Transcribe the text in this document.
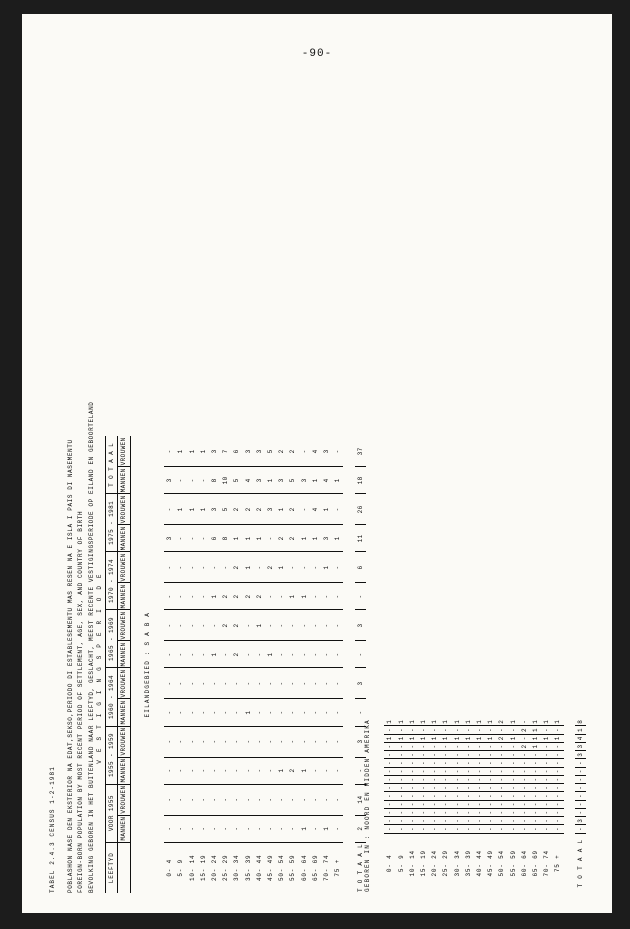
-90-
TABEL 2.4.3 CENSUS 1-2-1981	POBLASHON NASE DEN EKSTERIOR NA EDAT,SEKSO,PERIODO DI ESTABLESEMENTU MAS RESEN NA E ISLA I PAIS DI NASEMENTU FOREIGN-BORN POPULATION BY MOST RECENT PERIOD OF SETTLEMENT, AGE, SEX, AND COUNTRY OF BIRTH BEVOLKING GEBOREN IN HET BUITENLAND NAAR LEEFTYD, GESLACHT, MEEST RECENTE VESTIGINGSPERIODE OP EILAND EN GEBOORTELAND
	V E S T I G I N G S P E R I O D E													
LEEFTYD	VOOR 1955		1955 - 1959		1960 - 1964		1965 - 1969		1970 - 1974		1975 - 1981		T O T A A L	
	MANNEN	VROUWEN	MANNEN	VROUWEN	MANNEN	VROUWEN	MANNEN	VROUWEN	MANNEN	VROUWEN	MANNEN	VROUWEN	MANNEN	VROUWEN

EILANDGEBIED : S A B A														

0- 4	-	-	-	-	-	-	-	-	-	-	3	-	3	-
5- 9	-	-	-	-	-	-	-	-	-	-	-	1	-	1
10- 14	-	-	-	-	-	-	-	-	-	-	-	1	-	1
15- 19	-	-	-	-	-	-	-	-	-	-	-	1	-	1
20- 24	-	-	-	-	-	-	1	-	1	-	6	3	8	3
25- 29	-	-	-	-	-	-	-	2	2	-	8	5	10	7
30- 34	-	-	-	-	-	-	2	2	2	2	1	2	5	6
35- 39	-	-	-	-	1	-	-	-	2	1	1	2	4	3
40- 44	-	-	-	-	-	-	-	1	2	-	1	2	3	3
45- 49	-	-	-	-	-	-	1	-	-	2	-	3	1	5
50- 54	-	-	1	-	-	-	-	-	-	1	2	1	3	2
55- 59	-	-	2	-	-	-	-	-	1	-	2	2	5	2
60- 64	1	-	1	-	-	-	-	-	1	-	1	-	3	-
65- 69	-	-	-	-	-	-	-	-	-	-	1	4	1	4
70- 74	1	-	-	-	-	-	-	-	-	1	3	1	4	3
75 +	-	-	-	-	-	-	-	-	-	-	1	-	1	-

T O T A A L	2	14	-	3	-	3	-	3	-	6	11	26	18	37
GEBOREN IN : NOORD EN MIDDEN AMERIKA														

0- 4	-	-	-	-	-	-	-	-	-	-	-	1	-	1
5- 9	-	-	-	-	-	-	-	-	-	-	-	1	-	1
10- 14	-	-	-	-	-	-	-	-	-	-	-	1	-	1
15- 19	-	-	-	-	-	-	-	-	-	-	-	1	-	1
20- 24	-	-	-	-	-	-	-	-	-	-	-	1	-	1
25- 29	-	-	-	-	-	-	-	-	-	-	-	1	-	1
30- 34	-	-	-	-	-	-	-	-	-	-	-	1	-	1
35- 39	-	-	-	-	-	-	-	-	-	-	-	1	-	1
40- 44	-	-	-	-	-	-	-	-	-	-	-	1	-	1
45- 49	-	-	-	-	-	-	-	-	-	-	-	1	-	1
50- 54	-	-	-	-	-	-	-	-	-	-	-	2	-	2
55- 59	-	-	-	-	-	-	-	-	-	-	-	1	-	1
60- 64	-	-	-	-	-	-	-	-	-	-	2	-	2	-
65- 69	-	-	-	-	-	-	-	-	-	-	1	1	1	1
70- 74	-	-	-	-	-	-	-	-	-	-	-	1	-	1
75 +	-	-	-	-	-	-	-	-	-	-	-	1	-	1

T O T A A L	-	3	-	-	-	-	-	-	-	3	3	4	1	8
